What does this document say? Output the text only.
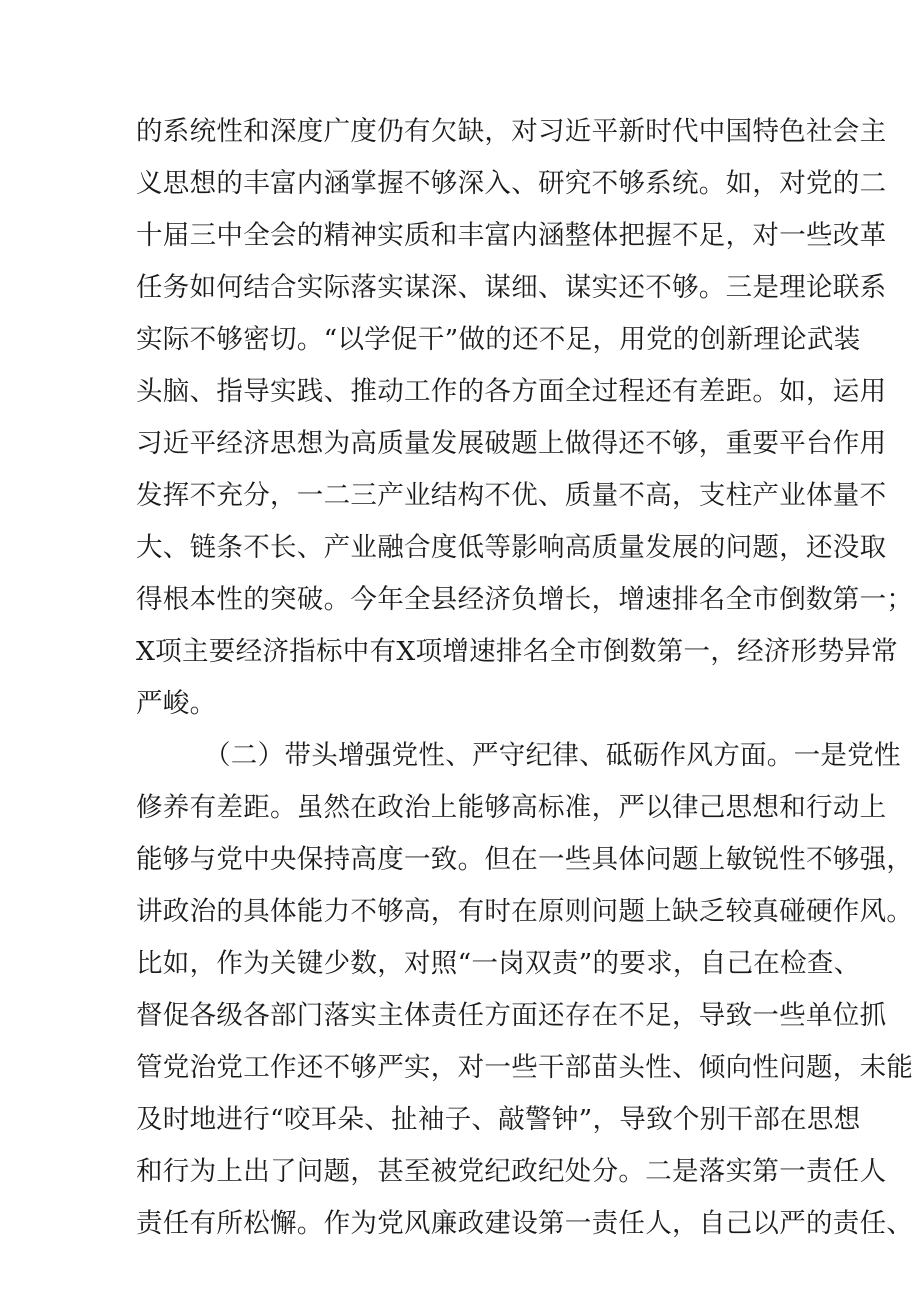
的系统性和深度广度仍有欠缺，对习近平新时代中国特色社会主

义思想的丰富内涵掌握不够深入、研究不够系统。如，对党的二

十届三中全会的精神实质和丰富内涵整体把握不足，对一些改革

任务如何结合实际落实谋深、谋细、谋实还不够。三是理论联系

实际不够密切。“以学促干”做的还不足，用党的创新理论武装

头脑、指导实践、推动工作的各方面全过程还有差距。如，运用

习近平经济思想为高质量发展破题上做得还不够，重要平台作用

发挥不充分，一二三产业结构不优、质量不高，支柱产业体量不

大、链条不长、产业融合度低等影响高质量发展的问题，还没取

得根本性的突破。今年全县经济负增长，增速排名全市倒数第一；

X项主要经济指标中有X项增速排名全市倒数第一，经济形势异常

严峻。

（二）带头增强党性、严守纪律、砥砺作风方面。一是党性

修养有差距。虽然在政治上能够高标准，严以律己思想和行动上

能够与党中央保持高度一致。但在一些具体问题上敏锐性不够强，

讲政治的具体能力不够高，有时在原则问题上缺乏较真碰硬作风。

比如，作为关键少数，对照“一岗双责”的要求，自己在检查、

督促各级各部门落实主体责任方面还存在不足，导致一些单位抓

管党治党工作还不够严实，对一些干部苗头性、倾向性问题，未能

及时地进行“咬耳朵、扯袖子、敲警钟”，导致个别干部在思想

和行为上出了问题，甚至被党纪政纪处分。二是落实第一责任人

责任有所松懈。作为党风廉政建设第一责任人，自己以严的责任、
